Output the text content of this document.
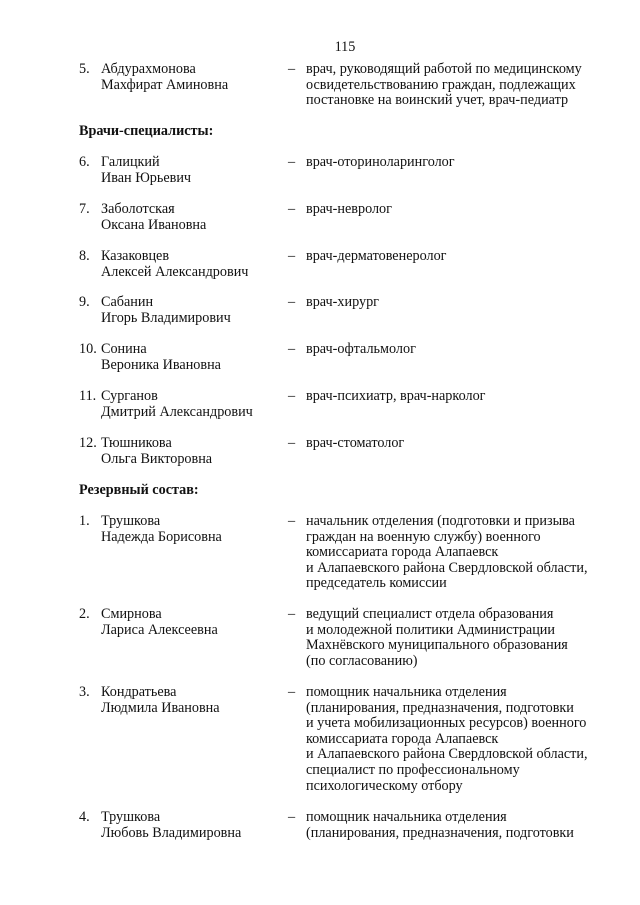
115
5. Абдурахмонова
Махфират Аминовна
– врач, руководящий работой по медицинскому
освидетельствованию граждан, подлежащих
постановке на воинский учет, врач-педиатр
Врачи-специалисты:
6. Галицкий
Иван Юрьевич
– врач-оториноларинголог
7. Заболотская
Оксана Ивановна
– врач-невролог
8. Казаковцев
Алексей Александрович
– врач-дерматовенеролог
9. Сабанин
Игорь Владимирович
– врач-хирург
10. Сонина
Вероника Ивановна
– врач-офтальмолог
11. Сурганов
Дмитрий Александрович
– врач-психиатр, врач-нарколог
12. Тюшникова
Ольга Викторовна
– врач-стоматолог
Резервный состав:
1. Трушкова
Надежда Борисовна
– начальник отделения (подготовки и призыва
граждан на военную службу) военного
комиссариата города Алапаевск
и Алапаевского района Свердловской области,
председатель комиссии
2. Смирнова
Лариса Алексеевна
– ведущий специалист отдела образования
и молодежной политики Администрации
Махнёвского муниципального образования
(по согласованию)
3. Кондратьева
Людмила Ивановна
– помощник начальника отделения
(планирования, предназначения, подготовки
и учета мобилизационных ресурсов) военного
комиссариата города Алапаевск
и Алапаевского района Свердловской области,
специалист по профессиональному
психологическому отбору
4. Трушкова
Любовь Владимировна
– помощник начальника отделения
(планирования, предназначения, подготовки
